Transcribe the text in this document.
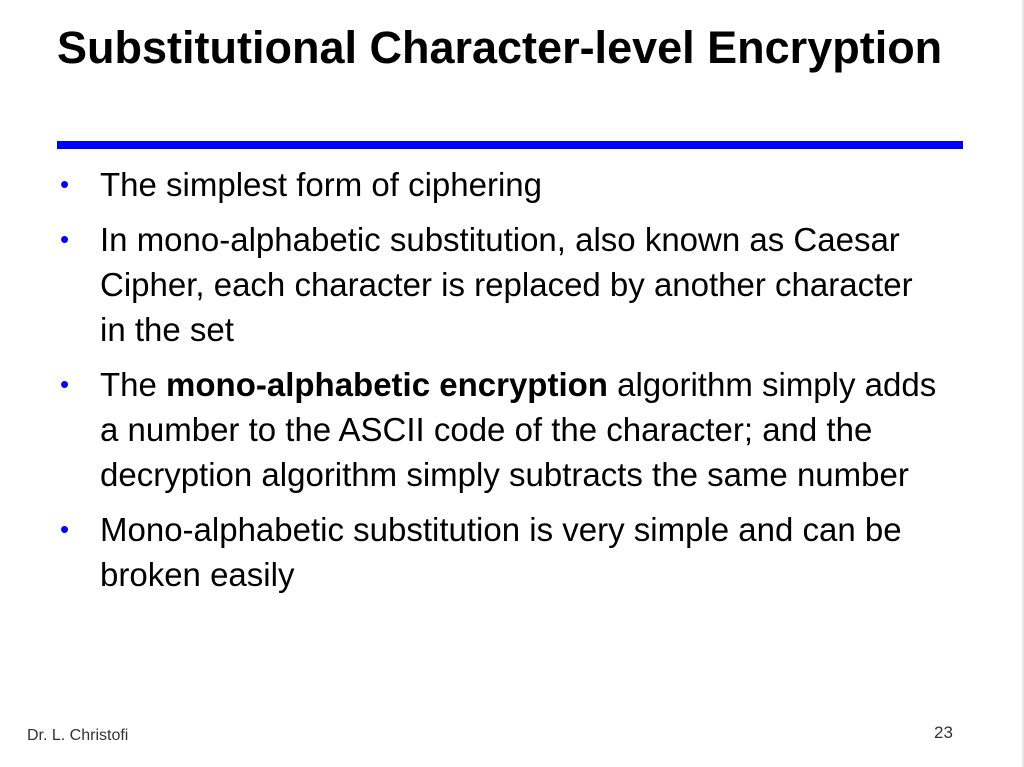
Substitutional Character-level Encryption
• The simplest form of ciphering
• In mono-alphabetic substitution, also known as Caesar Cipher, each character is replaced by another character in the set
• The mono-alphabetic encryption algorithm simply adds a number to the ASCII code of the character; and the decryption algorithm simply subtracts the same number
• Mono-alphabetic substitution is very simple and can be broken easily
Dr. L. Christofi	23
